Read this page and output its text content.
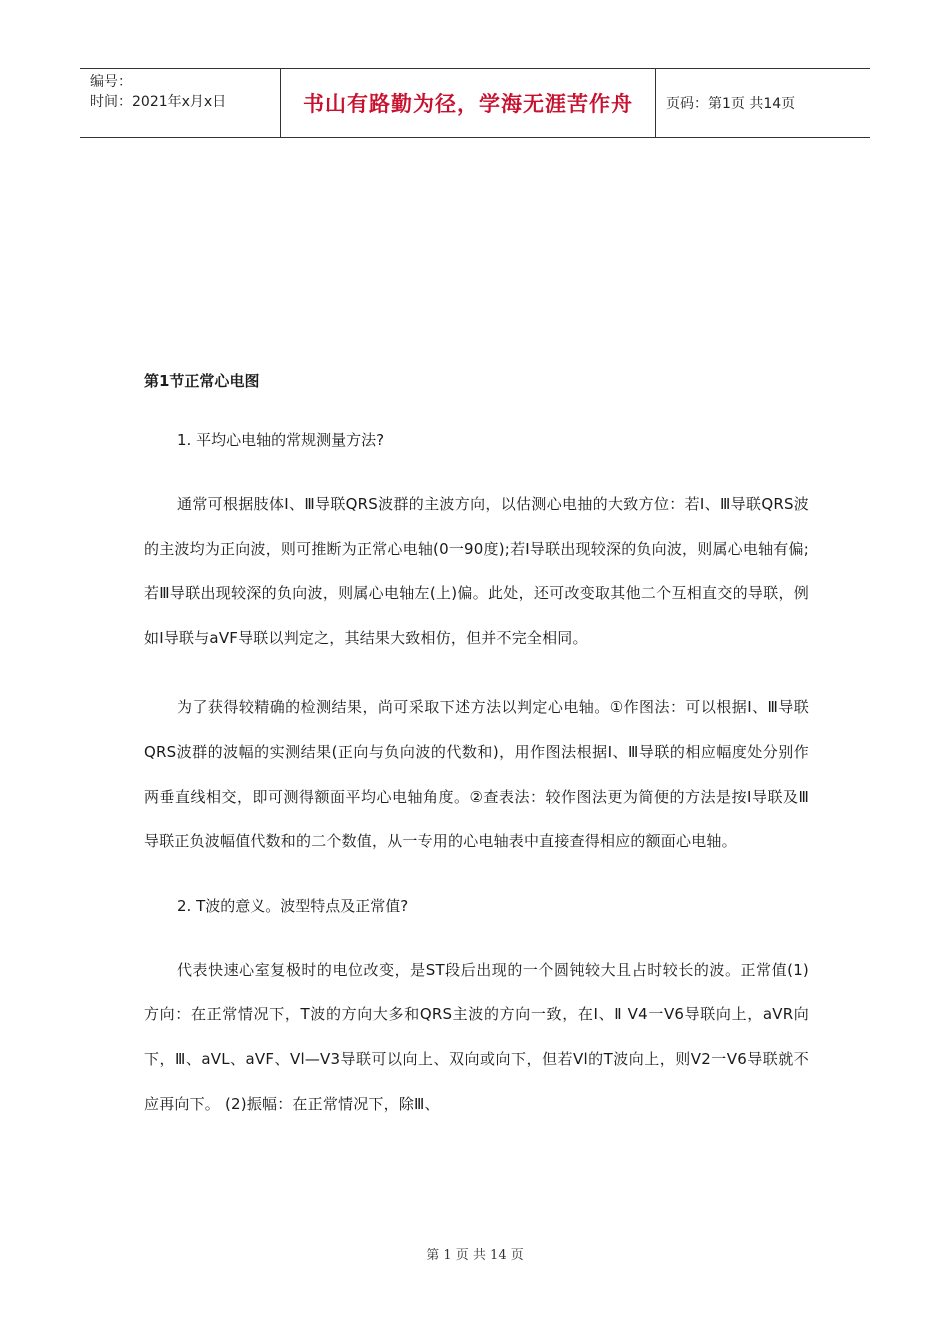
编号：
时间：2021年x月x日	书山有路勤为径，学海无涯苦作舟	页码：第1页 共14页
第1节正常心电图

1. 平均心电轴的常规测量方法?

通常可根据肢体Ⅰ、Ⅲ导联QRS波群的主波方向，以估测心电抽的大致方位：若I、Ⅲ导联QRS波的主波均为正向波，则可推断为正常心电轴(0一90度);若I导联出现较深的负向波，则属心电轴有偏;若Ⅲ导联出现较深的负向波，则属心电轴左(上)偏。此处，还可改变取其他二个互相直交的导联，例如I导联与aVF导联以判定之，其结果大致相仿，但并不完全相同。

为了获得较精确的检测结果，尚可采取下述方法以判定心电轴。①作图法：可以根据I、Ⅲ导联QRS波群的波幅的实测结果(正向与负向波的代数和)，用作图法根据I、Ⅲ导联的相应幅度处分别作两垂直线相交，即可测得额面平均心电轴角度。②查表法：较作图法更为简便的方法是按I导联及Ⅲ导联正负波幅值代数和的二个数值，从一专用的心电轴表中直接查得相应的额面心电轴。

2. T波的意义。波型特点及正常值?

代表快速心室复极时的电位改变，是ST段后出现的一个圆钝较大且占时较长的波。正常值(1)方向：在正常情况下，T波的方向大多和QRS主波的方向一致，在Ⅰ、Ⅱ V4一V6导联向上，aVR向下，Ⅲ、aVL、aVF、Vl—V3导联可以向上、双向或向下，但若Vl的T波向上，则V2一V6导联就不应再向下。 (2)振幅：在正常情况下，除Ⅲ、

第 1 页 共 14 页
